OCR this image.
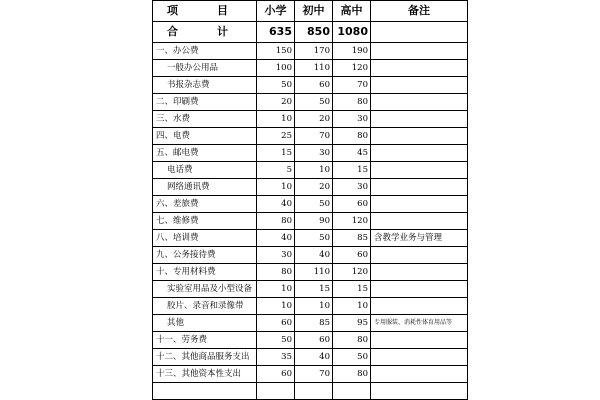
项　目	小学	初中	高中	备注
合　计	635	850	1080	
一、办公费	150	170	190	
一般办公用品	100	110	120	
书报杂志费	50	60	70	
二、印刷费	20	50	80	
三、水费	10	20	30	
四、电费	25	70	80	
五、邮电费	15	30	45	
电话费	5	10	15	
网络通讯费	10	20	30	
六、差旅费	40	50	60	
七、维修费	80	90	120	
八、培训费	40	50	85	含教学业务与管理
九、公务接待费	30	40	60	
十、专用材料费	80	110	120	
实验室用品及小型设备	10	15	15	
胶片、录音和录像带	10	10	10	
其他	60	85	95	专用服装、消耗性体育用品等
十一、劳务费	50	60	80	
十二、其他商品服务支出	35	40	50	
十三、其他资本性支出	60	70	80	
